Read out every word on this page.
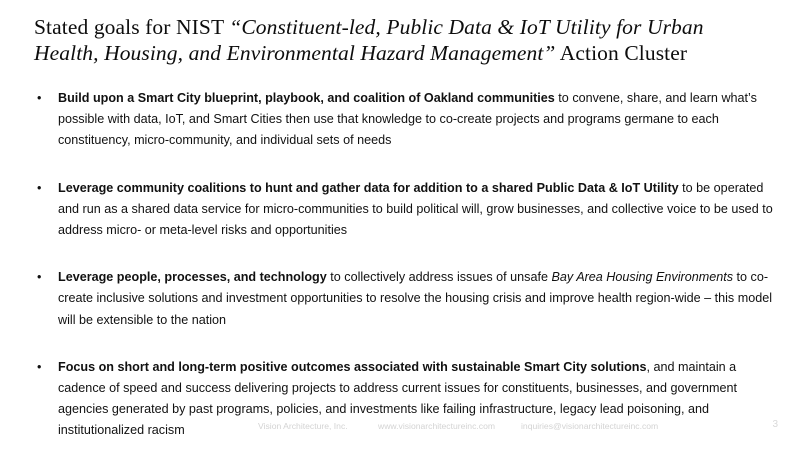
Stated goals for NIST “Constituent-led, Public Data & IoT Utility for Urban Health, Housing, and Environmental Hazard Management” Action Cluster
•	Build upon a Smart City blueprint, playbook, and coalition of Oakland communities to convene, share, and learn what’s possible with data, IoT, and Smart Cities then use that knowledge to co-create projects and programs germane to each constituency, micro-community, and individual sets of needs
•	Leverage community coalitions to hunt and gather data for addition to a shared Public Data & IoT Utility to be operated and run as a shared data service for micro-communities to build political will, grow businesses, and collective voice to be used to address micro- or meta-level risks and opportunities
•	Leverage people, processes, and technology to collectively address issues of unsafe Bay Area Housing Environments to co-create inclusive solutions and investment opportunities to resolve the housing crisis and improve health region-wide – this model will be extensible to the nation
•	Focus on short and long-term positive outcomes associated with sustainable Smart City solutions, and maintain a cadence of speed and success delivering projects to address current issues for constituents, businesses, and government agencies generated by past programs, policies, and investments like failing infrastructure, legacy lead poisoning, and institutionalized racism	Vision Architecture, Inc.	www.visionarchitectureinc.com	inquiries@visionarchitectureinc.com	3
